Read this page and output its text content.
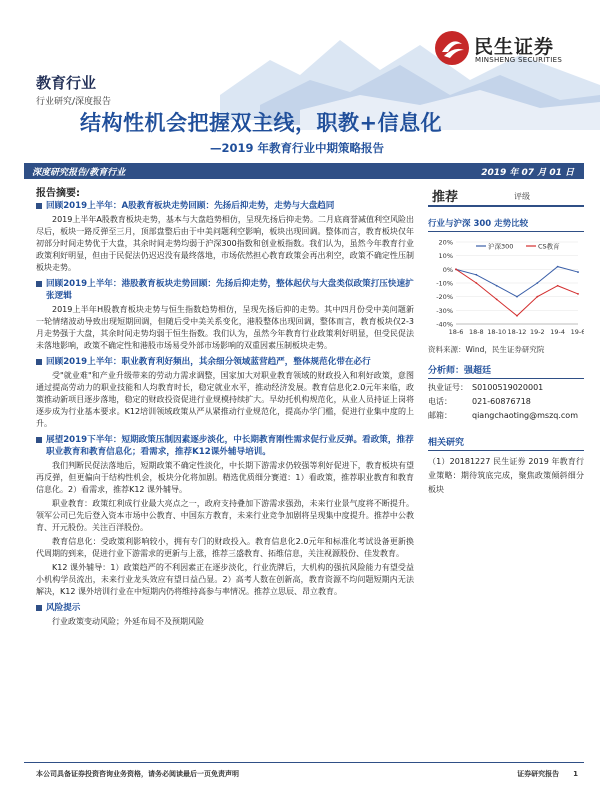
民生证券
MINSHENG SECURITIES
教育行业
行业研究/深度报告
结构性机会把握双主线，职教+信息化
—2019 年教育行业中期策略报告
深度研究报告/教育行业	2019 年 07 月 01 日
报告摘要:
回顾2019上半年：A股教育板块走势回顾：先扬后抑走势，走势与大盘趋同

2019上半年A股教育板块走势，基本与大盘趋势相仿，呈现先扬后抑走势。二月底商誉减值利空风险出尽后，板块一路反弹至三月，顶部盘整后由于中美问题利空影响，板块出现回调。整体而言，教育板块仅年初部分时间走势优于大盘，其余时间走势均弱于沪深300指数和创业板指数。我们认为，虽然今年教育行业政策利好明显，但由于民促法仍迟迟没有最终落地，市场依然担心教育政策会再出利空，政策不确定性压制板块走势。

回顾2019上半年：港股教育板块走势回顾：先扬后抑走势，整体起伏与大盘类似政策打压快速扩张逻辑

2019上半年H股教育板块走势与恒生指数趋势相仿，呈现先扬后抑的走势。其中四月份受中美问题新一轮情绪波动导致出现短期回调，但随后受中美关系变化，港股整体出现回调，整体而言，教育板块仅2-3月走势强于大盘，其余时间走势均弱于恒生指数。我们认为，虽然今年教育行业政策利好明显，但受民促法未落地影响，政策不确定性和港股市场易受外部市场影响的双重因素压制板块走势。

回顾2019上半年：职业教育利好频出，其余细分领域蓝营趋严，整体规范化带在必行

受"就业难"和产业升级带来的劳动力需求调整，国家加大对职业教育领域的财政投入和利好政策，意图通过提高劳动力的职业技能和人均教育时长，稳定就业水平，推动经济发展。教育信息化2.0元年来临，政策推动新项目逐步落地，稳定的财政投资促进行业规模持续扩大。早幼托机构规范化，从业人员持证上岗将逐步成为行业基本要求。K12培训领域政策从严从紧推动行业规范化，提高办学门槛，促进行业集中度的上升。

展望2019下半年：短期政策压制因素逐步淡化，中长期教育刚性需求促行业反弹。看政策，推荐职业教育和教育信息化；看需求，推荐K12课外辅导培训。

我们判断民促法落地后，短期政策不确定性淡化，中长期下游需求仍较强等利好促进下，教育板块有望再反弹，但更偏向于结构性机会，板块分化将加剧。精选优质细分赛道：1）看政策，推荐职业教育和教育信息化。2）看需求，推荐K12 课外辅导。

职业教育：政策红利成行业最大亮点之一，政府支持叠加下游需求强劲，未来行业景气度将不断提升。领军公司已先后登入资本市场中公教育、中国东方教育，未来行业竞争加剧将呈现集中度提升。推荐中公教育、开元股份。关注百洋股份。

教育信息化：受政策利影响较小，拥有专门的财政投入。教育信息化2.0元年和标准化考试设备更新换代周期的到来，促进行业下游需求的更新与上涨，推荐三盛教育、拓维信息，关注视源股份、佳发教育。

K12 课外辅导：1）政策趋严的不利因素正在逐步淡化，行业洗牌后，大机构的强抗风险能力有望受益小机构学员流出，未来行业龙头效应有望日益凸显。2）高考人数在创新高，教育资源不均问题短期内无法解决，K12 课外培训行业在中短期内仍将维持高参与率情况。推荐立思辰、昂立教育。

风险提示

行业政策变动风险；外延布局不及预期风险

推荐	评级
行业与沪深 300 走势比较
20%
10%
0%
-10%
-20%
-30%
-40%
18-6 18-8 18-10 18-12 19-2 19-4 19-6
沪深300	CS教育
资料来源：Wind，民生证券研究院
分析师：强超廷
执业证号： S0100519020001
电话：	021-60876718
邮箱：	qiangchaoting@mszq.com
相关研究
（1）20181227 民生证券 2019 年教育行业策略：期待筑底完成，聚焦政策倾斜细分板块
本公司具备证券投资咨询业务资格，请务必阅读最后一页免责声明	证券研究报告　　1
